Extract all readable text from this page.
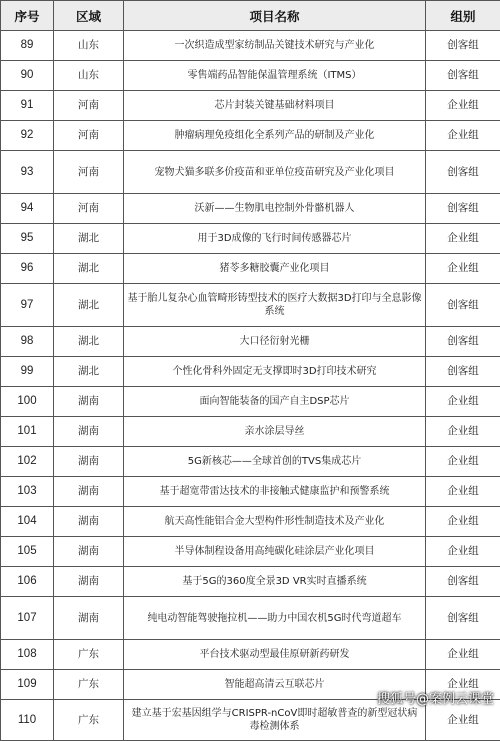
序号	区域	项目名称	组别
89	山东	一次织造成型家纺制品关键技术研究与产业化	创客组
90	山东	零售端药品智能保温管理系统（ITMS）	创客组
91	河南	芯片封装关键基础材料项目	企业组
92	河南	肿瘤病理免疫组化全系列产品的研制及产业化	企业组
93	河南	宠物犬猫多联多价疫苗和亚单位疫苗研究及产业化项目	创客组
94	河南	沃新——生物肌电控制外骨骼机器人	创客组
95	湖北	用于3D成像的飞行时间传感器芯片	企业组
96	湖北	猪苓多糖胶囊产业化项目	企业组
97	湖北	基于胎儿复杂心血管畸形铸型技术的医疗大数据3D打印与全息影像系统	创客组
98	湖北	大口径衍射光栅	创客组
99	湖北	个性化骨科外固定无支撑即时3D打印技术研究	创客组
100	湖南	面向智能装备的国产自主DSP芯片	企业组
101	湖南	亲水涂层导丝	企业组
102	湖南	5G新核芯——全球首创的TVS集成芯片	企业组
103	湖南	基于超宽带雷达技术的非接触式健康监护和预警系统	企业组
104	湖南	航天高性能铝合金大型构件形性制造技术及产业化	企业组
105	湖南	半导体制程设备用高纯碳化硅涂层产业化项目	企业组
106	湖南	基于5G的360度全景3D VR实时直播系统	创客组
107	湖南	纯电动智能驾驶拖拉机——助力中国农机5G时代弯道超车	创客组
108	广东	平台技术驱动型最佳原研新药研发	企业组
109	广东	智能超高清云互联芯片	企业组
110	广东	建立基于宏基因组学与CRISPR-nCoV即时超敏普查的新型冠状病毒检测体系	企业组
搜狐号@案例云课堂
